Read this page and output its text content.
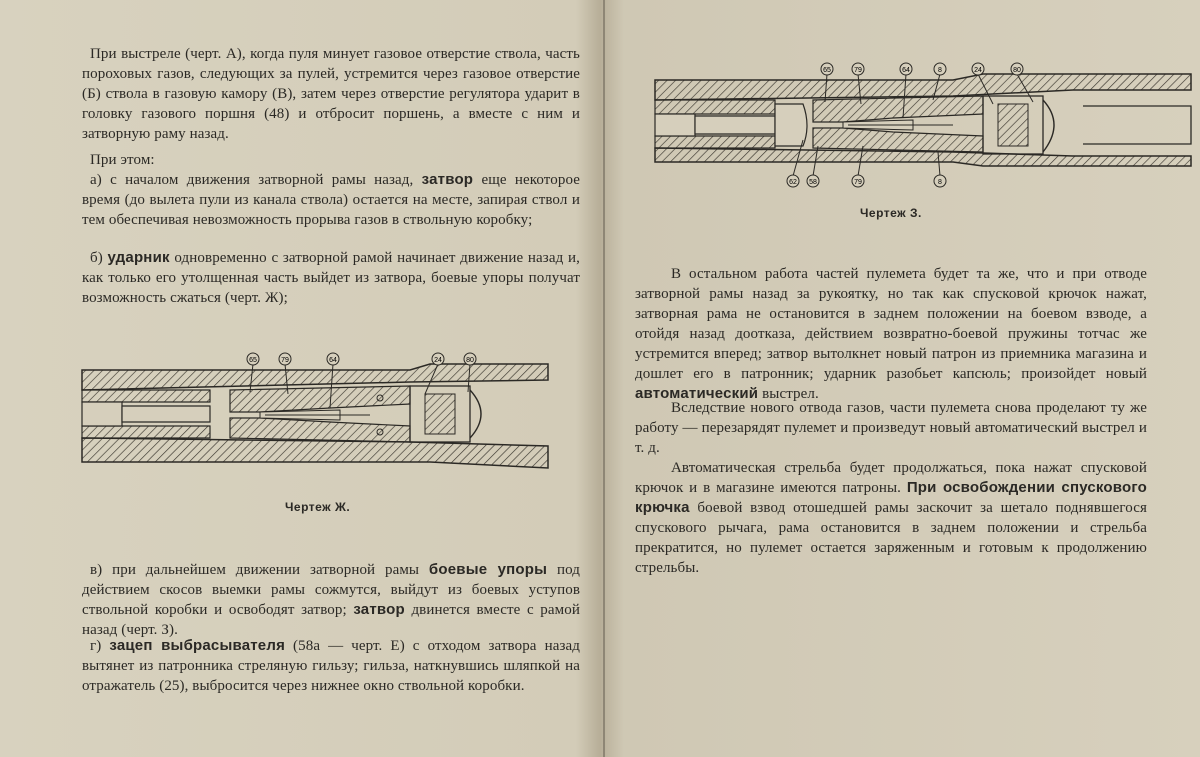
При выстреле (черт. А), когда пуля минует газовое отверстие ствола, часть пороховых газов, следующих за пулей, устремится через газовое отверстие (Б) ствола в газовую камору (В), затем через отверстие регулятора ударит в головку газового поршня (48) и отбросит поршень, а вместе с ним и затворную раму назад.
При этом:
а) с началом движения затворной рамы назад, затвор еще некоторое время (до вылета пули из канала ствола) остается на месте, запирая ствол и тем обеспечивая невозможность прорыва газов в ствольную коробку;
б) ударник одновременно с затворной рамой начинает движение назад и, как только его утолщенная часть выйдет из затвора, боевые упоры получат возможность сжаться (черт. Ж);
65	79	64	24	80
Чертеж Ж.
в) при дальнейшем движении затворной рамы боевые упоры под действием скосов выемки рамы сожмутся, выйдут из боевых уступов ствольной коробки и освободят затвор; затвор двинется вместе с рамой назад (черт. З).
г) зацеп выбрасывателя (58а — черт. Е) с отходом затвора назад вытянет из патронника стреляную гильзу; гильза, наткнувшись шляпкой на отражатель (25), выбросится через нижнее окно ствольной коробки.
65	79	64	8	24	80
62 58	79	8
Чертеж З.
В остальном работа частей пулемета будет та же, что и при отводе затворной рамы назад за рукоятку, но так как спусковой крючок нажат, затворная рама не остановится в заднем положении на боевом взводе, а отойдя назад доотказа, действием возвратно-боевой пружины тотчас же устремится вперед; затвор вытолкнет новый патрон из приемника магазина и дошлет его в патронник; ударник разобьет капсюль; произойдет новый автоматический выстрел.
Вследствие нового отвода газов, части пулемета снова проделают ту же работу — перезарядят пулемет и произведут новый автоматический выстрел и т. д.
Автоматическая стрельба будет продолжаться, пока нажат спусковой крючок и в магазине имеются патроны. При освобождении спускового крючка боевой взвод отошедшей рамы заскочит за шетало поднявшегося спускового рычага, рама остановится в заднем положении и стрельба прекратится, но пулемет остается заряженным и готовым к продолжению стрельбы.
